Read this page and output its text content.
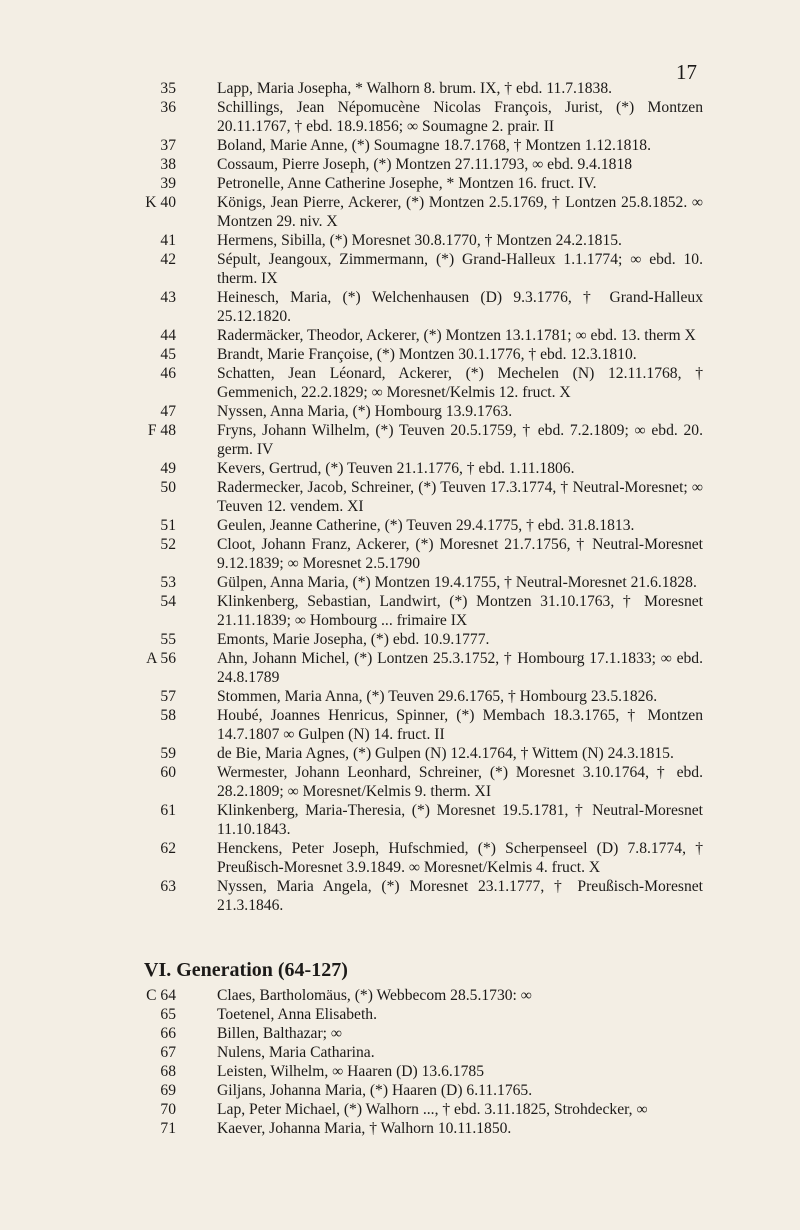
17
35	Lapp, Maria Josepha, * Walhorn 8. brum. IX, † ebd. 11.7.1838.
36	Schillings, Jean Népomucène Nicolas François, Jurist, (*) Montzen 20.11.1767, † ebd. 18.9.1856; ∞ Soumagne 2. prair. II
37	Boland, Marie Anne, (*) Soumagne 18.7.1768, † Montzen 1.12.1818.
38	Cossaum, Pierre Joseph, (*) Montzen 27.11.1793, ∞ ebd. 9.4.1818
39	Petronelle, Anne Catherine Josephe, * Montzen 16. fruct. IV.
K 40	Königs, Jean Pierre, Ackerer, (*) Montzen 2.5.1769, † Lontzen 25.8.1852. ∞ Montzen 29. niv. X
41	Hermens, Sibilla, (*) Moresnet 30.8.1770, † Montzen 24.2.1815.
42	Sépult, Jeangoux, Zimmermann, (*) Grand-Halleux 1.1.1774; ∞ ebd. 10. therm. IX
43	Heinesch, Maria, (*) Welchenhausen (D) 9.3.1776, † Grand-Halleux 25.12.1820.
44	Radermäcker, Theodor, Ackerer, (*) Montzen 13.1.1781; ∞ ebd. 13. therm X
45	Brandt, Marie Françoise, (*) Montzen 30.1.1776, † ebd. 12.3.1810.
46	Schatten, Jean Léonard, Ackerer, (*) Mechelen (N) 12.11.1768, † Gemmenich, 22.2.1829; ∞ Moresnet/Kelmis 12. fruct. X
47	Nyssen, Anna Maria, (*) Hombourg 13.9.1763.
F 48	Fryns, Johann Wilhelm, (*) Teuven 20.5.1759, † ebd. 7.2.1809; ∞ ebd. 20. germ. IV
49	Kevers, Gertrud, (*) Teuven 21.1.1776, † ebd. 1.11.1806.
50	Radermecker, Jacob, Schreiner, (*) Teuven 17.3.1774, † Neutral-Moresnet; ∞ Teuven 12. vendem. XI
51	Geulen, Jeanne Catherine, (*) Teuven 29.4.1775, † ebd. 31.8.1813.
52	Cloot, Johann Franz, Ackerer, (*) Moresnet 21.7.1756, † Neutral-Moresnet 9.12.1839; ∞ Moresnet 2.5.1790
53	Gülpen, Anna Maria, (*) Montzen 19.4.1755, † Neutral-Moresnet 21.6.1828.
54	Klinkenberg, Sebastian, Landwirt, (*) Montzen 31.10.1763, † Moresnet 21.11.1839; ∞ Hombourg ... frimaire IX
55	Emonts, Marie Josepha, (*) ebd. 10.9.1777.
A 56	Ahn, Johann Michel, (*) Lontzen 25.3.1752, † Hombourg 17.1.1833; ∞ ebd. 24.8.1789
57	Stommen, Maria Anna, (*) Teuven 29.6.1765, † Hombourg 23.5.1826.
58	Houbé, Joannes Henricus, Spinner, (*) Membach 18.3.1765, † Montzen 14.7.1807 ∞ Gulpen (N) 14. fruct. II
59	de Bie, Maria Agnes, (*) Gulpen (N) 12.4.1764, † Wittem (N) 24.3.1815.
60	Wermester, Johann Leonhard, Schreiner, (*) Moresnet 3.10.1764, † ebd. 28.2.1809; ∞ Moresnet/Kelmis 9. therm. XI
61	Klinkenberg, Maria-Theresia, (*) Moresnet 19.5.1781, † Neutral-Moresnet 11.10.1843.
62	Henckens, Peter Joseph, Hufschmied, (*) Scherpenseel (D) 7.8.1774, † Preußisch-Moresnet 3.9.1849. ∞ Moresnet/Kelmis 4. fruct. X
63	Nyssen, Maria Angela, (*) Moresnet 23.1.1777, † Preußisch-Moresnet 21.3.1846.
VI. Generation (64-127)
C 64	Claes, Bartholomäus, (*) Webbecom 28.5.1730: ∞
65	Toetenel, Anna Elisabeth.
66	Billen, Balthazar; ∞
67	Nulens, Maria Catharina.
68	Leisten, Wilhelm, ∞ Haaren (D) 13.6.1785
69	Giljans, Johanna Maria, (*) Haaren (D) 6.11.1765.
70	Lap, Peter Michael, (*) Walhorn ..., † ebd. 3.11.1825, Strohdecker, ∞
71	Kaever, Johanna Maria, † Walhorn 10.11.1850.
